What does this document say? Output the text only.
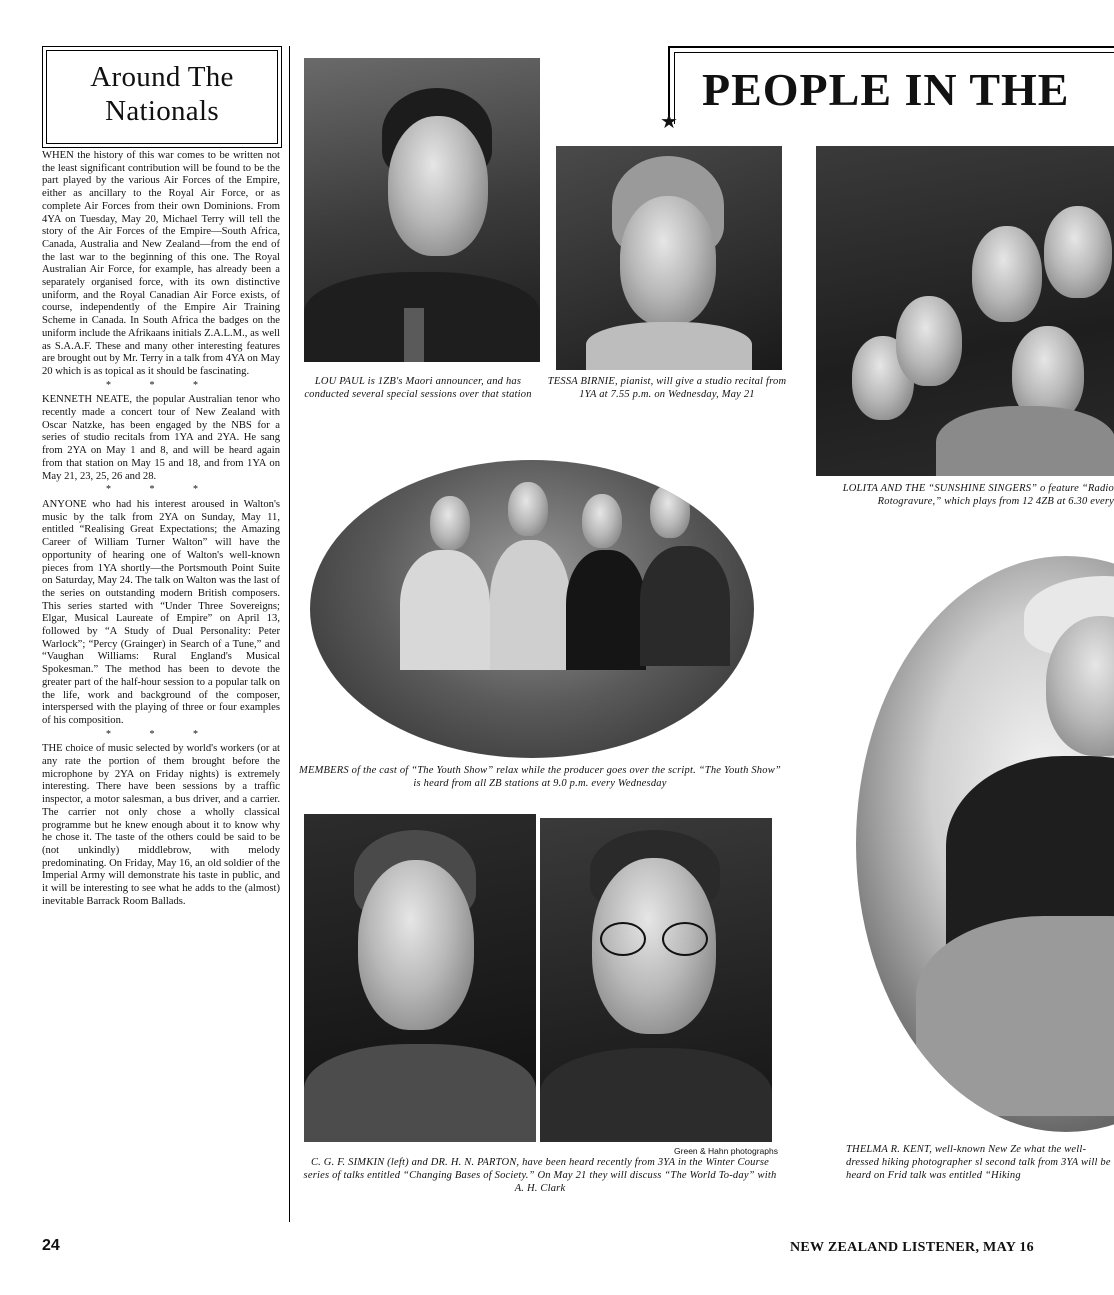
Around The Nationals

WHEN the history of this war comes to be written not the least significant contribution will be found to be the part played by the various Air Forces of the Empire, either as ancillary to the Royal Air Force, or as complete Air Forces from their own Dominions. From 4YA on Tuesday, May 20, Michael Terry will tell the story of the Air Forces of the Empire—South Africa, Canada, Australia and New Zealand—from the end of the last war to the beginning of this one. The Royal Australian Air Force, for example, has already been a separately organised force, with its own distinctive uniform, and the Royal Canadian Air Force exists, of course, independently of the Empire Air Training Scheme in Canada. In South Africa the badges on the uniform include the Afrikaans initials Z.A.L.M., as well as S.A.A.F. These and many other interesting features are brought out by Mr. Terry in a talk from 4YA on May 20 which is as topical as it should be fascinating.

* * *

KENNETH NEATE, the popular Australian tenor who recently made a concert tour of New Zealand with Oscar Natzke, has been engaged by the NBS for a series of studio recitals from 1YA and 2YA. He sang from 2YA on May 1 and 8, and will be heard again from that station on May 15 and 18, and from 1YA on May 21, 23, 25, 26 and 28.

* * *

ANYONE who had his interest aroused in Walton's music by the talk from 2YA on Sunday, May 11, entitled “Realising Great Expectations; the Amazing Career of William Turner Walton” will have the opportunity of hearing one of Walton's well-known pieces from 1YA shortly—the Portsmouth Point Suite on Saturday, May 24. The talk on Walton was the last of the series on outstanding modern British composers. This series started with “Under Three Sovereigns; Elgar, Musical Laureate of Empire” on April 13, followed by “A Study of Dual Personality: Peter Warlock”; “Percy (Grainger) in Search of a Tune,” and “Vaughan Williams: Rural England's Musical Spokesman.” The method has been to devote the greater part of the half-hour session to a popular talk on the life, work and background of the composer, interspersed with the playing of three or four examples of his composition.

* * *

THE choice of music selected by world's workers (or at any rate the portion of them brought before the microphone by 2YA on Friday nights) is extremely interesting. There have been sessions by a traffic inspector, a motor salesman, a bus driver, and a carrier. The carrier not only chose a wholly classical programme but he knew enough about it to know why he chose it. The taste of the others could be said to be (not unkindly) middlebrow, with melody predominating. On Friday, May 16, an old soldier of the Imperial Army will demonstrate his taste in public, and it will be interesting to see what he adds to the (almost) inevitable Barrack Room Ballads.

PEOPLE IN THE
★
LOU PAUL is 1ZB's Maori announcer, and has conducted several special sessions over that station
TESSA BIRNIE, pianist, will give a studio recital from 1YA at 7.55 p.m. on Wednesday, May 21
LOLITA AND THE “SUNSHINE SINGERS” o feature “Radio Rotogravure,” which plays from 12 4ZB at 6.30 every
MEMBERS of the cast of “The Youth Show” relax while the producer goes over the script. “The Youth Show” is heard from all ZB stations at 9.0 p.m. every Wednesday
Green & Hahn photographs
C. G. F. SIMKIN (left) and DR. H. N. PARTON, have been heard recently from 3YA in the Winter Course series of talks entitled “Changing Bases of Society.” On May 21 they will discuss “The World To-day” with A. H. Clark
THELMA R. KENT, well-known New Ze what the well-dressed hiking photographer sl second talk from 3YA will be heard on Frid talk was entitled “Hiking
24	NEW ZEALAND LISTENER, MAY 16
